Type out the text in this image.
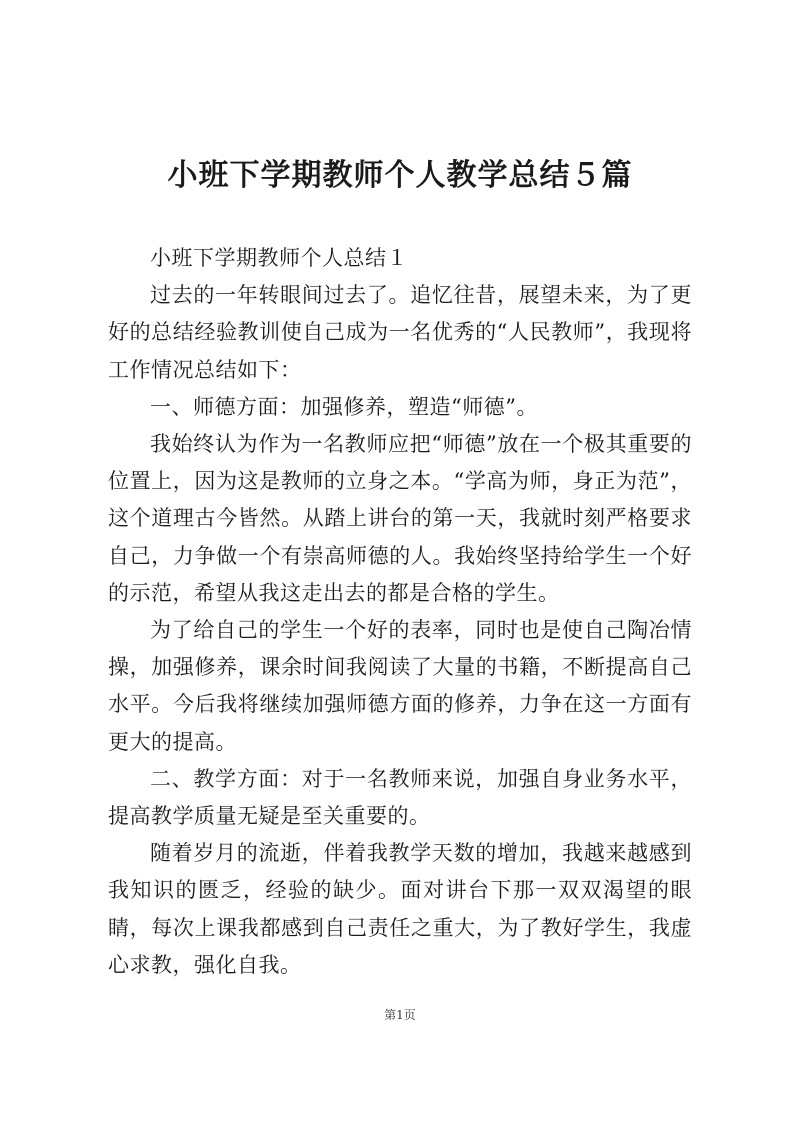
小班下学期教师个人教学总结５篇

小班下学期教师个人总结１

过去的一年转眼间过去了。追忆往昔，展望未来，为了更好的总结经验教训使自己成为一名优秀的“人民教师”，我现将工作情况总结如下：

一、师德方面：加强修养，塑造“师德”。

我始终认为作为一名教师应把“师德”放在一个极其重要的位置上，因为这是教师的立身之本。“学高为师，身正为范”，这个道理古今皆然。从踏上讲台的第一天，我就时刻严格要求自己，力争做一个有崇高师德的人。我始终坚持给学生一个好的示范，希望从我这走出去的都是合格的学生。

为了给自己的学生一个好的表率，同时也是使自己陶冶情操，加强修养，课余时间我阅读了大量的书籍，不断提高自己水平。今后我将继续加强师德方面的修养，力争在这一方面有更大的提高。

二、教学方面：对于一名教师来说，加强自身业务水平，提高教学质量无疑是至关重要的。

随着岁月的流逝，伴着我教学天数的增加，我越来越感到我知识的匮乏，经验的缺少。面对讲台下那一双双渴望的眼睛，每次上课我都感到自己责任之重大，为了教好学生，我虚心求教，强化自我。

第1页
